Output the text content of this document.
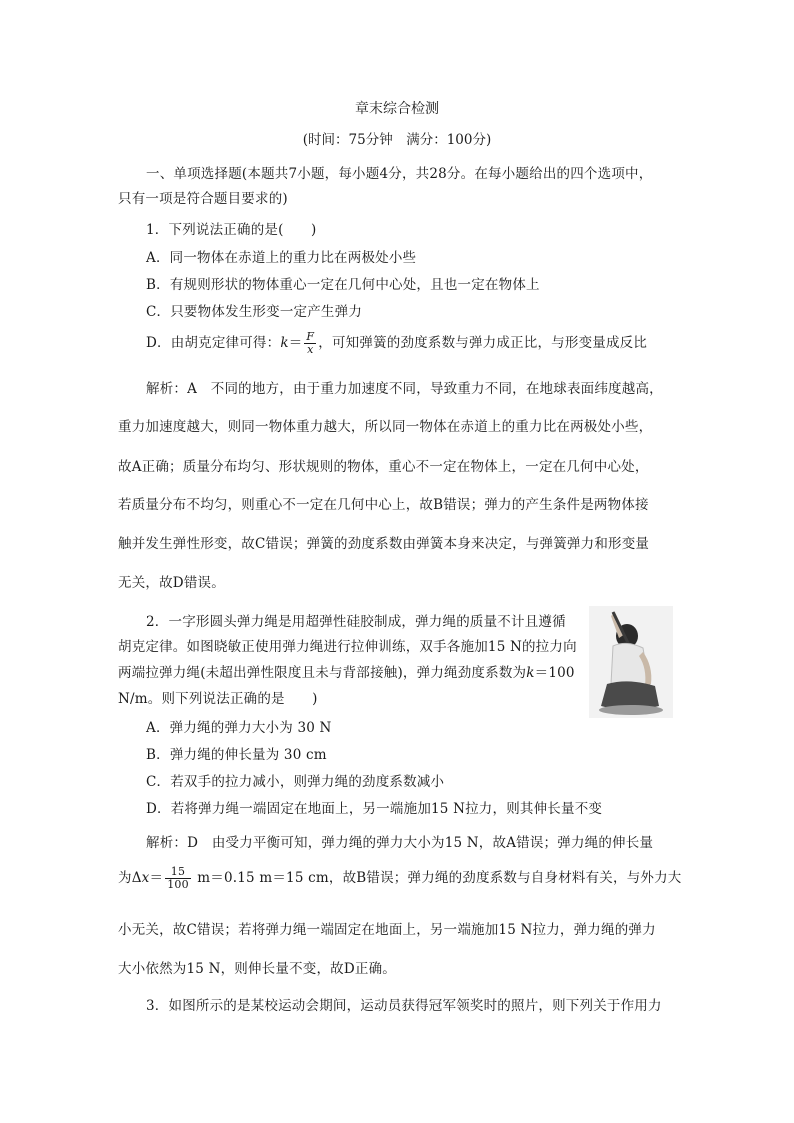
章末综合检测
(时间：75分钟　满分：100分)
一、单项选择题(本题共7小题，每小题4分，共28分。在每小题给出的四个选项中，
只有一项是符合题目要求的)
1．下列说法正确的是(　　)
A．同一物体在赤道上的重力比在两极处小些
B．有规则形状的物体重心一定在几何中心处，且也一定在物体上
C．只要物体发生形变一定产生弹力
D．由胡克定律可得：$k= \frac{F}{x}$ ，可知弹簧的劲度系数与弹力成正比，与形变量成反比
解析：A　不同的地方，由于重力加速度不同，导致重力不同，在地球表面纬度越高，
重力加速度越大，则同一物体重力越大，所以同一物体在赤道上的重力比在两极处小些，
故A正确；质量分布均匀、形状规则的物体，重心不一定在物体上，一定在几何中心处，
若质量分布不均匀，则重心不一定在几何中心上，故B错误；弹力的产生条件是两物体接
触并发生弹性形变，故C错误；弹簧的劲度系数由弹簧本身来决定，与弹簧弹力和形变量
无关，故D错误。
2．一字形圆头弹力绳是用超弹性硅胶制成，弹力绳的质量不计且遵循
胡克定律。如图晓敏正使用弹力绳进行拉伸训练，双手各施加15 N的拉力向
两端拉弹力绳(未超出弹性限度且未与背部接触)，弹力绳劲度系数为k＝100
N/m。则下列说法正确的是　　)
A．弹力绳的弹力大小为 30 N
B．弹力绳的伸长量为 30 cm
C．若双手的拉力减小，则弹力绳的劲度系数减小
D．若将弹力绳一端固定在地面上，另一端施加15 N拉力，则其伸长量不变
解析：D　由受力平衡可知，弹力绳的弹力大小为15 N，故A错误；弹力绳的伸长量
为$\Delta x= \frac{15}{100} m=0.15$ m＝15 cm，故B错误；弹力绳的劲度系数与自身材料有关，与外力大
小无关，故C错误；若将弹力绳一端固定在地面上，另一端施加15 N拉力，弹力绳的弹力
大小依然为15 N，则伸长量不变，故D正确。
3．如图所示的是某校运动会期间，运动员获得冠军领奖时的照片，则下列关于作用力
